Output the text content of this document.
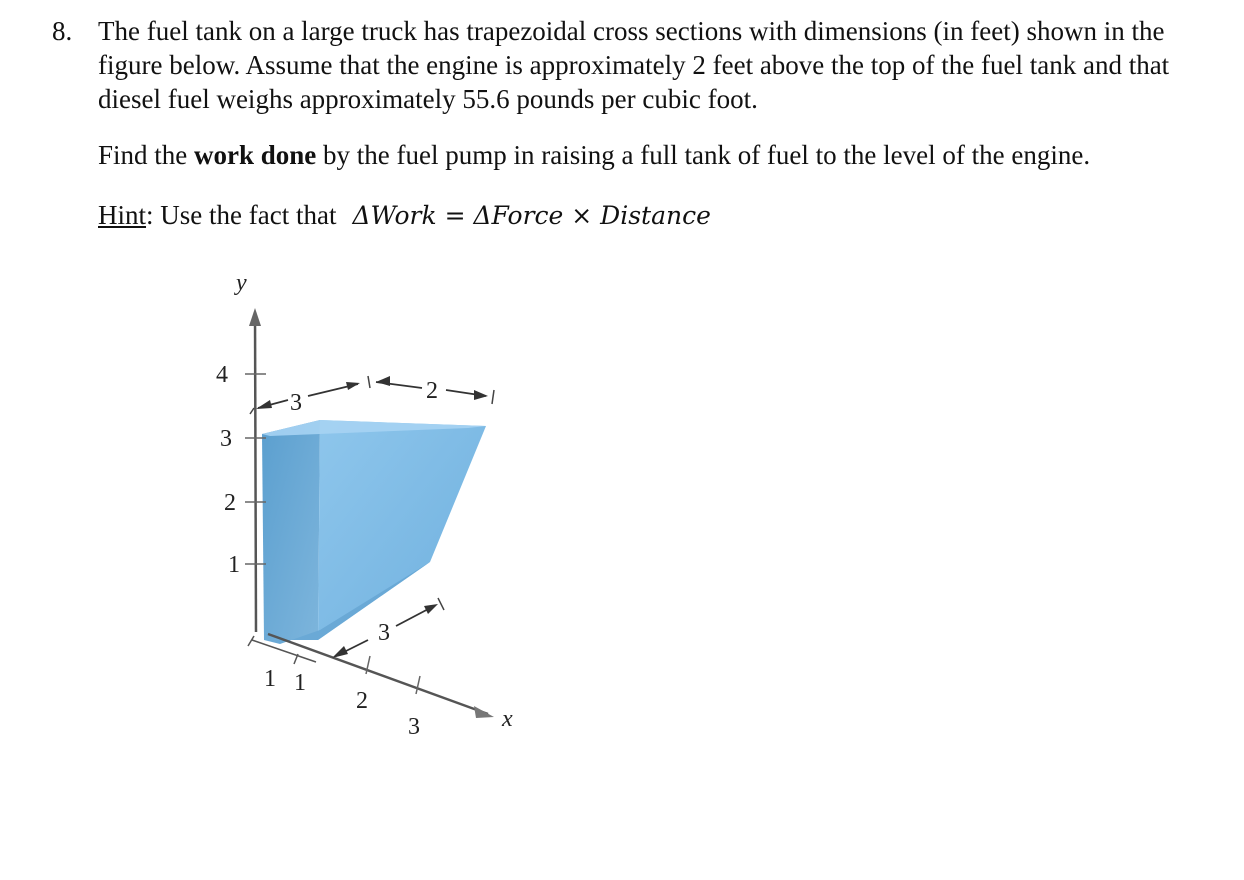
8. The fuel tank on a large truck has trapezoidal cross sections with dimensions (in feet) shown in the figure below. Assume that the engine is approximately 2 feet above the top of the fuel tank and that diesel fuel weighs approximately 55.6 pounds per cubic foot.
Find the work done by the fuel pump in raising a full tank of fuel to the level of the engine.
Hint: Use the fact that ΔWork = ΔForce × Distance
y
4
3
2
1
x
2
3
1 1
3	2
3
